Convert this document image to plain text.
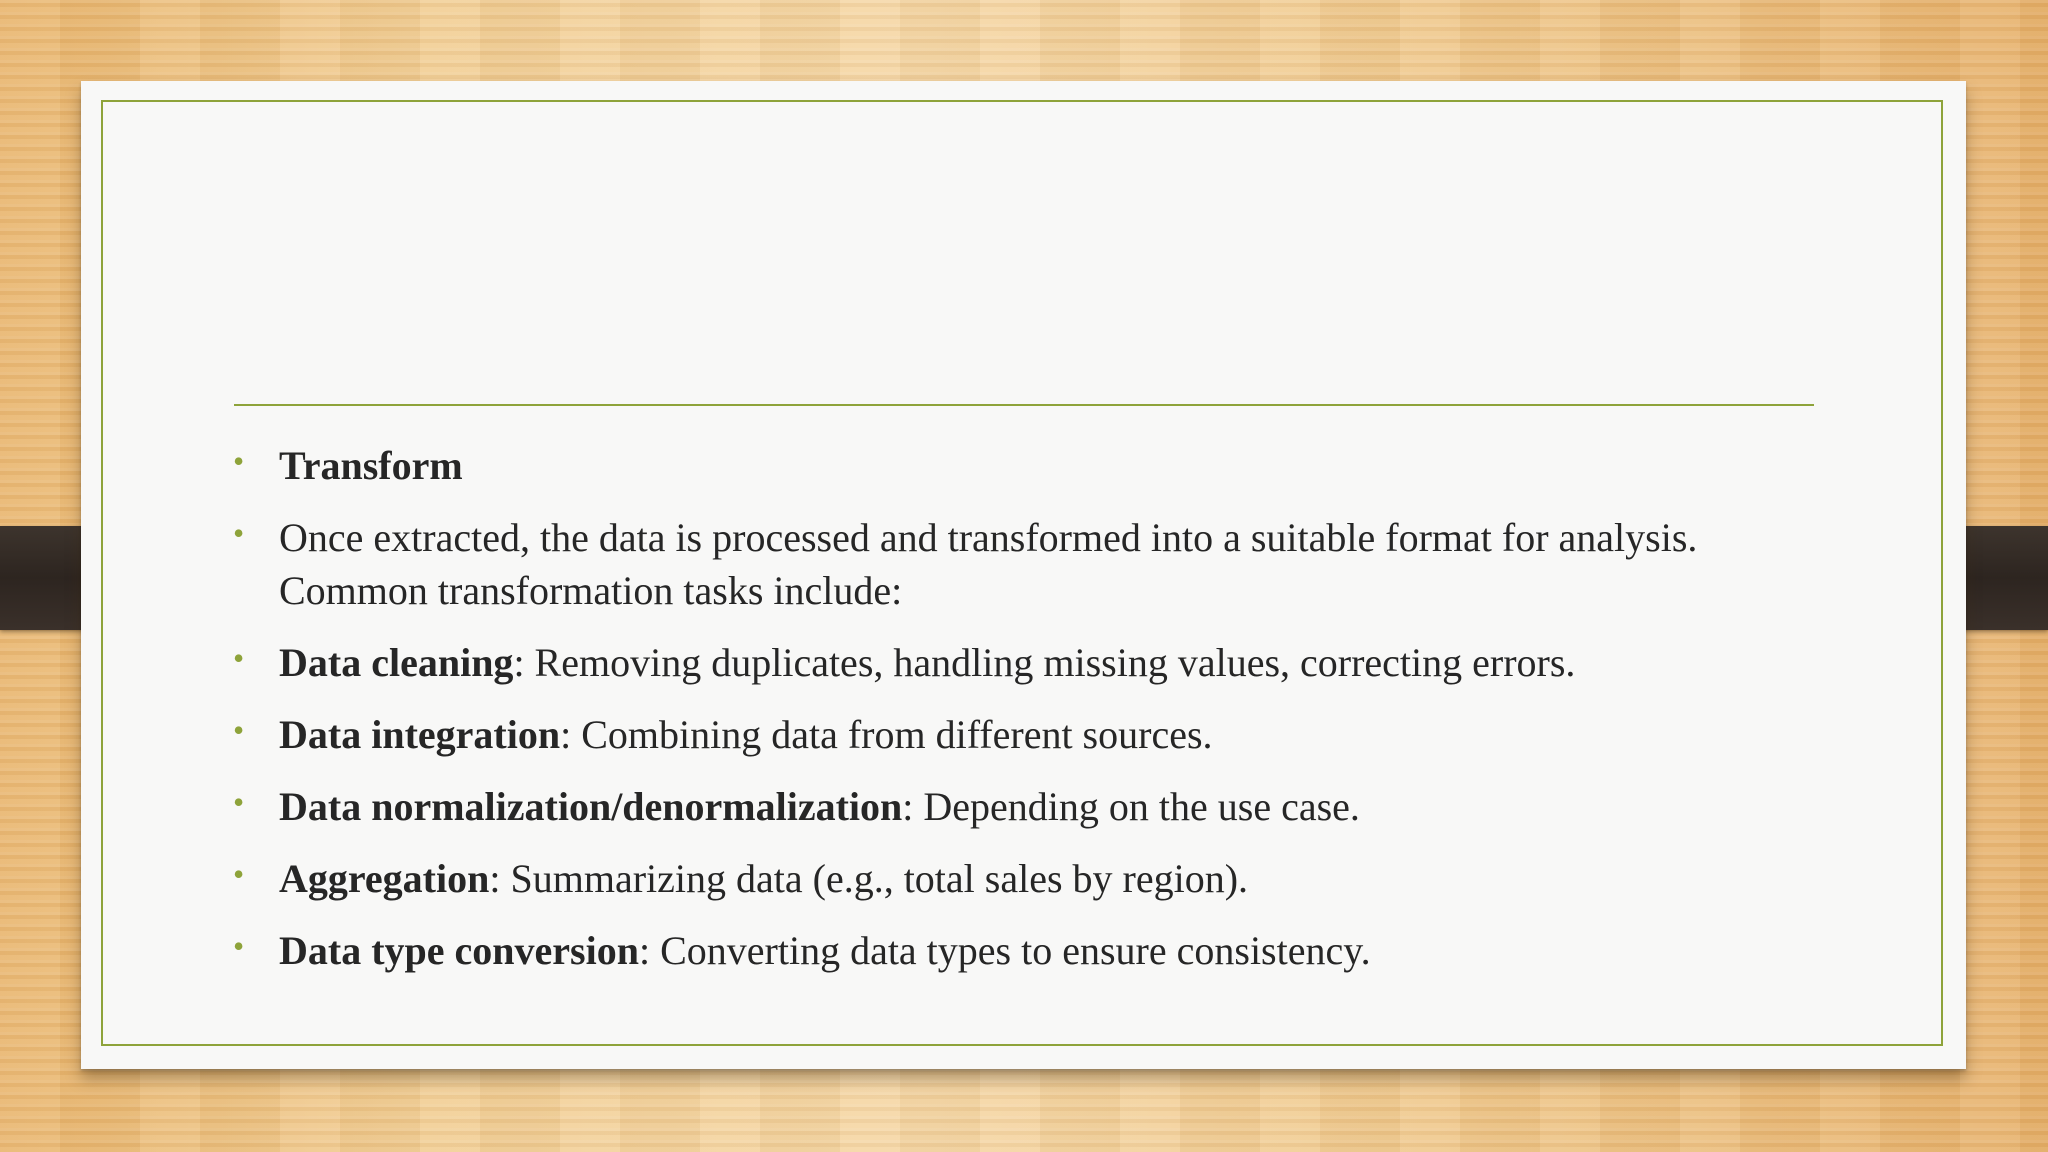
• Transform
• Once extracted, the data is processed and transformed into a suitable format for analysis. Common transformation tasks include:
• Data cleaning: Removing duplicates, handling missing values, correcting errors.
• Data integration: Combining data from different sources.
• Data normalization/denormalization: Depending on the use case.
• Aggregation: Summarizing data (e.g., total sales by region).
• Data type conversion: Converting data types to ensure consistency.
